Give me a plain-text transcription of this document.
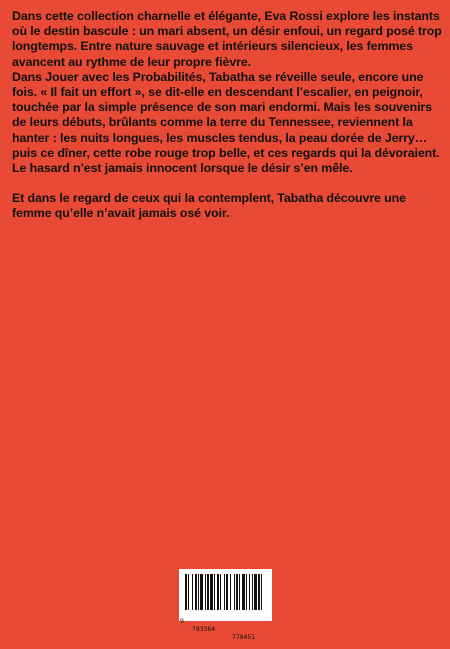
Dans cette collection charnelle et élégante, Eva Rossi explore les instants où le destin bascule : un mari absent, un désir enfoui, un regard posé trop longtemps. Entre nature sauvage et intérieurs silencieux, les femmes avancent au rythme de leur propre fièvre.

Dans Jouer avec les Probabilités, Tabatha se réveille seule, encore une fois. « Il fait un effort », se dit-elle en descendant l’escalier, en peignoir, touchée par la simple présence de son mari endormi. Mais les souvenirs de leurs débuts, brûlants comme la terre du Tennessee, reviennent la hanter : les nuits longues, les muscles tendus, la peau dorée de Jerry… puis ce dîner, cette robe rouge trop belle, et ces regards qui la dévoraient.

Le hasard n’est jamais innocent lorsque le désir s’en mêle.

Et dans le regard de ceux qui la contemplent, Tabatha découvre une femme qu’elle n’avait jamais osé voir.

9

783384

778451
